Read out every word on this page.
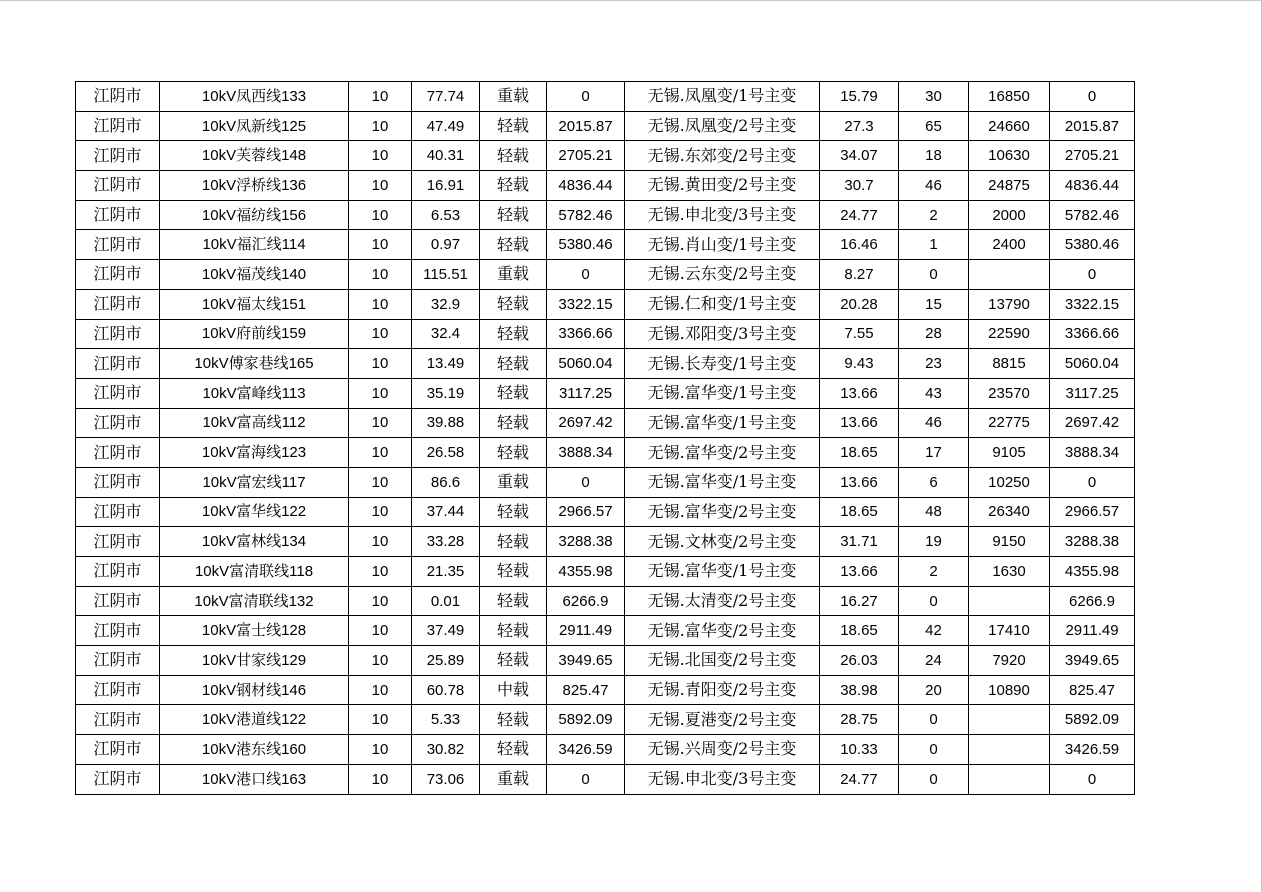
江阴市	10kV凤西线133	10	77.74	重载	0	无锡.凤凰变/1号主变	15.79	30	16850	0
江阴市	10kV凤新线125	10	47.49	轻载	2015.87	无锡.凤凰变/2号主变	27.3	65	24660	2015.87
江阴市	10kV芙蓉线148	10	40.31	轻载	2705.21	无锡.东郊变/2号主变	34.07	18	10630	2705.21
江阴市	10kV浮桥线136	10	16.91	轻载	4836.44	无锡.黄田变/2号主变	30.7	46	24875	4836.44
江阴市	10kV福纺线156	10	6.53	轻载	5782.46	无锡.申北变/3号主变	24.77	2	2000	5782.46
江阴市	10kV福汇线114	10	0.97	轻载	5380.46	无锡.肖山变/1号主变	16.46	1	2400	5380.46
江阴市	10kV福茂线140	10	115.51	重载	0	无锡.云东变/2号主变	8.27	0		0
江阴市	10kV福太线151	10	32.9	轻载	3322.15	无锡.仁和变/1号主变	20.28	15	13790	3322.15
江阴市	10kV府前线159	10	32.4	轻载	3366.66	无锡.邓阳变/3号主变	7.55	28	22590	3366.66
江阴市	10kV傅家巷线165	10	13.49	轻载	5060.04	无锡.长寿变/1号主变	9.43	23	8815	5060.04
江阴市	10kV富峰线113	10	35.19	轻载	3117.25	无锡.富华变/1号主变	13.66	43	23570	3117.25
江阴市	10kV富高线112	10	39.88	轻载	2697.42	无锡.富华变/1号主变	13.66	46	22775	2697.42
江阴市	10kV富海线123	10	26.58	轻载	3888.34	无锡.富华变/2号主变	18.65	17	9105	3888.34
江阴市	10kV富宏线117	10	86.6	重载	0	无锡.富华变/1号主变	13.66	6	10250	0
江阴市	10kV富华线122	10	37.44	轻载	2966.57	无锡.富华变/2号主变	18.65	48	26340	2966.57
江阴市	10kV富林线134	10	33.28	轻载	3288.38	无锡.文林变/2号主变	31.71	19	9150	3288.38
江阴市	10kV富清联线118	10	21.35	轻载	4355.98	无锡.富华变/1号主变	13.66	2	1630	4355.98
江阴市	10kV富清联线132	10	0.01	轻载	6266.9	无锡.太清变/2号主变	16.27	0		6266.9
江阴市	10kV富士线128	10	37.49	轻载	2911.49	无锡.富华变/2号主变	18.65	42	17410	2911.49
江阴市	10kV甘家线129	10	25.89	轻载	3949.65	无锡.北国变/2号主变	26.03	24	7920	3949.65
江阴市	10kV钢材线146	10	60.78	中载	825.47	无锡.青阳变/2号主变	38.98	20	10890	825.47
江阴市	10kV港道线122	10	5.33	轻载	5892.09	无锡.夏港变/2号主变	28.75	0		5892.09
江阴市	10kV港东线160	10	30.82	轻载	3426.59	无锡.兴周变/2号主变	10.33	0		3426.59
江阴市	10kV港口线163	10	73.06	重载	0	无锡.申北变/3号主变	24.77	0		0
